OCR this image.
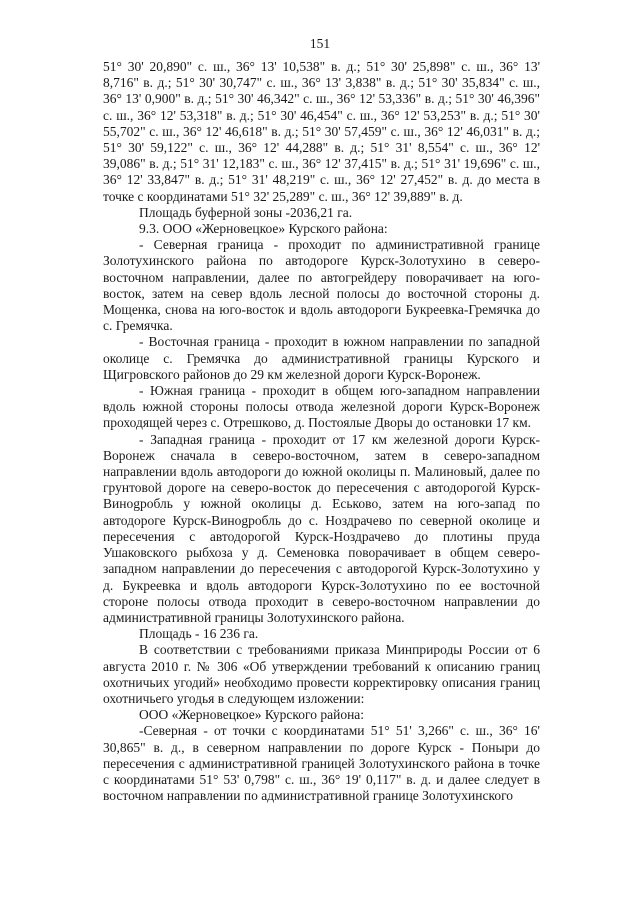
151

51° 30' 20,890" с. ш., 36° 13' 10,538" в. д.; 51° 30' 25,898" с. ш., 36° 13' 8,716" в. д.; 51° 30' 30,747" с. ш., 36° 13' 3,838" в. д.; 51° 30' 35,834" с. ш., 36° 13' 0,900" в. д.; 51° 30' 46,342" с. ш., 36° 12' 53,336" в. д.; 51° 30' 46,396" с. ш., 36° 12' 53,318" в. д.; 51° 30' 46,454" с. ш., 36° 12' 53,253" в. д.; 51° 30' 55,702" с. ш., 36° 12' 46,618" в. д.; 51° 30' 57,459" с. ш., 36° 12' 46,031" в. д.; 51° 30' 59,122" с. ш., 36° 12' 44,288" в. д.; 51° 31' 8,554" с. ш., 36° 12' 39,086" в. д.; 51° 31' 12,183" с. ш., 36° 12' 37,415" в. д.; 51° 31' 19,696" с. ш., 36° 12' 33,847" в. д.; 51° 31' 48,219" с. ш., 36° 12' 27,452" в. д. до места в точке с координатами 51° 32' 25,289" с. ш., 36° 12' 39,889" в. д.

Площадь буферной зоны -2036,21 га.

9.3. ООО «Жерновецкое» Курского района:

- Северная граница - проходит по административной границе Золотухинского района по автодороге Курск-Золотухино в северо-восточном направлении, далее по автогрейдеру поворачивает на юго-восток, затем на север вдоль лесной полосы до восточной стороны д. Мощенка, снова на юго-восток и вдоль автодороги Букреевка-Гремячка до с. Гремячка.

- Восточная граница - проходит в южном направлении по западной околице с. Гремячка до административной границы Курского и Щигровского районов до 29 км железной дороги Курск-Воронеж.

- Южная граница - проходит в общем юго-западном направлении вдоль южной стороны полосы отвода железной дороги Курск-Воронеж проходящей через с. Отрешково, д. Постоялые Дворы до остановки 17 км.

- Западная граница - проходит от 17 км железной дороги Курск-Воронеж сначала в северо-восточном, затем в северо-западном направлении вдоль автодороги до южной околицы п. Малиновый, далее по грунтовой дороге на северо-восток до пересечения с автодорогой Курск-Винogробль у южной околицы д. Еськово, затем на юго-запад по автодороге Курск-Винogробль до с. Ноздрачево по северной околице и пересечения с автодорогой Курск-Ноздрачево до плотины пруда Ушаковского рыбхоза у д. Семеновка поворачивает в общем северо-западном направлении до пересечения с автодорогой Курск-Золотухино у д. Букреевка и вдоль автодороги Курск-Золотухино по ее восточной стороне полосы отвода проходит в северо-восточном направлении до административной границы Золотухинского района.

Площадь - 16 236 га.

В соответствии с требованиями приказа Минприроды России от 6 августа 2010 г. № 306 «Об утверждении требований к описанию границ охотничьих угодий» необходимо провести корректировку описания границ охотничьего угодья в следующем изложении:

ООО «Жерновецкое» Курского района:

-Северная - от точки с координатами 51° 51' 3,266" с. ш., 36° 16' 30,865" в. д., в северном направлении по дороге Курск - Поныри до пересечения с административной границей Золотухинского района в точке с координатами 51° 53' 0,798" с. ш., 36° 19' 0,117" в. д. и далее следует в восточном направлении по административной границе Золотухинского
